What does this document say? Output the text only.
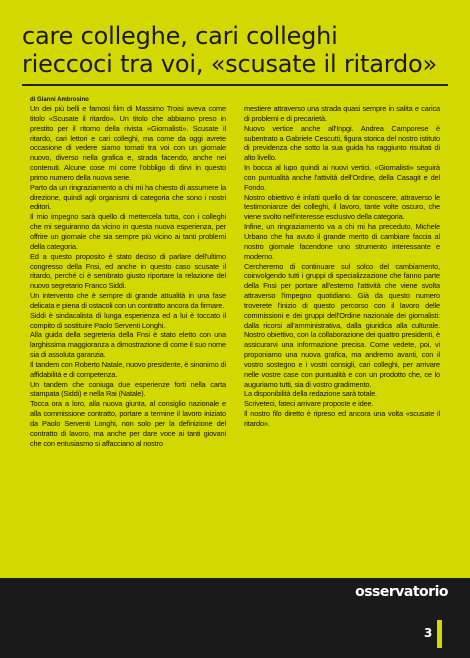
care colleghe, cari colleghi
rieccoci tra voi, «scusate il ritardo»
di Gianni Ambrosino

Un dei più belli e famosi film di Massimo Troisi aveva come titolo «Scusate il ritardo». Un titolo che abbiamo preso in prestito per il ritorno della rivista «Giornalisti». Scusate il ritardo, cari lettori e cari colleghi, ma come da oggi avrete occasione di vedere siamo tornati tra voi con un giornale nuovo, diverso nella grafica e, strada facendo, anche nei contenuti. Alcune cose mi corre l'obbligo di dirvi in questo primo numero della nuova serie.

Parto da un ringraziamento a chi mi ha chiesto di assumere la direzione, quindi agli organismi di categoria che sono i nostri editori.

Il mio impegno sarà quello di mettercela tutta, con i colleghi che mi seguiranno da vicino in questa nuova esperienza, per offrire un giornale che sia sempre più vicino ai tanti problemi della categoria.

Ed a questo proposito è stato deciso di parlare dell'ultimo congresso della Fnsi, ed anche in questo caso scusate il ritardo, perché ci è sembrato giusto riportare la relazione del nuovo segretario Franco Siddi.

Un intervento che è sempre di grande attualità in una fase delicata e piena di ostacoli con un contratto ancora da firmare.

Siddi è sindacalista di lunga esperienza ed a lui è toccato il compito di sostituire Paolo Serventi Longhi.

Alla guida della segreteria della Fnsi è stato eletto con una larghissima maggioranza a dimostrazione di come il suo nome sia di assoluta garanzia.

Il tandem con Roberto Natale, nuovo presidente, è sinonimo di affidabilità e di competenza.

Un tandem che coniuga due esperienze forti nella carta stampata (Siddi) e nella Rai (Natale).

Tocca ora a loro, alla nuova giunta, al consiglio nazionale e alla commissione contratto, portare a termine il lavoro iniziato da Paolo Serventi Longhi, non solo per la definizione del contratto di lavoro, ma anche per dare voce ai tanti giovani che con entusiasmo si affacciano al nostro

mestiere attraverso una strada quasi sempre in salita e carica di problemi e di precarietà.

Nuovo vertice anche all'Inpgi. Andrea Camporese è subentrato a Gabriele Cescutti, figura storica del nostro istituto di previdenza che sotto la sua guida ha raggiunto risultati di alto livello.

In bocca al lupo quindi ai nuovi vertici. «Giornalisti» seguirà con puntualità anche l'attività dell'Ordine, della Casagit e del Fondo.

Nostro obiettivo è infatti quello di far conoscere, attraverso le testimonianze dei colleghi, il lavoro, tante volte oscuro, che viene svolto nell'interesse esclusivo della categoria.

Infine, un ringraziamento va a chi mi ha preceduto, Michele Urbano che ha avuto il grande merito di cambiare faccia al nostro giornale facendone uno strumento interessante e moderno.

Cercheremo di continuare sul solco del cambiamento, coinvolgendo tutti i gruppi di specializzazione che fanno parte della Fnsi per portare all'esterno l'attività che viene svolta attraverso l'impegno quotidiano. Già da questo numero troverete l'inizio di questo percorso con il lavoro delle commissioni e dei gruppi dell'Ordine nazionale dei giornalisti: dalla ricorsi all'amministrativa, dalla giuridica alla culturale. Nostro obiettivo, con la collaborazione dei quattro presidenti, è assicurarvi una informazione precisa. Come vedete, poi, vi proponiamo una nuova grafica, ma andremo avanti, con il vostro sostegno e i vostri consigli, cari colleghi, per arrivare nelle vostre case con puntualità e con un prodotto che, ce lo auguriamo tutti, sia di vostro gradimento.

La disponibilità della redazione sarà totale.

Scriveteci, fateci arrivare proposte e idee.

Il nostro filo diretto è ripreso ed ancora una volta «scusate il ritardo».

osservatorio
3
